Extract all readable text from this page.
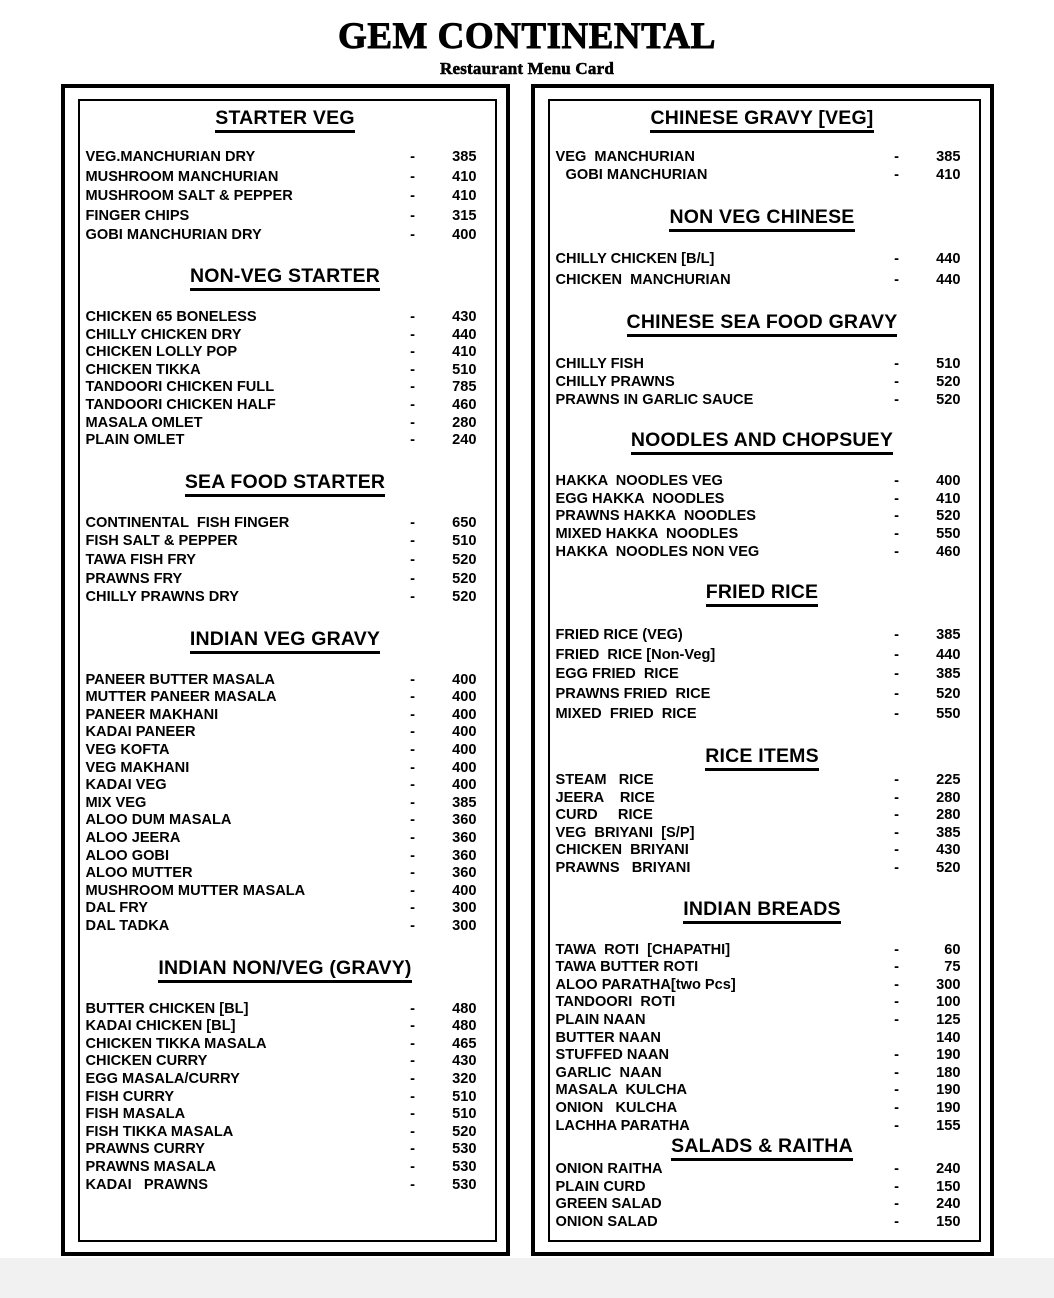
GEM CONTINENTAL
Restaurant Menu Card
STARTER VEG
VEG.MANCHURIAN DRY	-	385
MUSHROOM MANCHURIAN	-	410
MUSHROOM SALT & PEPPER	-	410
FINGER CHIPS	-	315
GOBI MANCHURIAN DRY	-	400
NON-VEG STARTER
CHICKEN 65 BONELESS	-	430
CHILLY CHICKEN DRY	-	440
CHICKEN LOLLY POP	-	410
CHICKEN TIKKA	-	510
TANDOORI CHICKEN FULL	-	785
TANDOORI CHICKEN HALF	-	460
MASALA OMLET	-	280
PLAIN OMLET	-	240
SEA FOOD STARTER
CONTINENTAL  FISH FINGER	-	650
FISH SALT & PEPPER	-	510
TAWA FISH FRY	-	520
PRAWNS FRY	-	520
CHILLY PRAWNS DRY	-	520
INDIAN VEG GRAVY
PANEER BUTTER MASALA	-	400
MUTTER PANEER MASALA	-	400
PANEER MAKHANI	-	400
KADAI PANEER	-	400
VEG KOFTA	-	400
VEG MAKHANI	-	400
KADAI VEG	-	400
MIX VEG	-	385
ALOO DUM MASALA	-	360
ALOO JEERA	-	360
ALOO GOBI	-	360
ALOO MUTTER	-	360
MUSHROOM MUTTER MASALA	-	400
DAL FRY	-	300
DAL TADKA	-	300
INDIAN NON/VEG (GRAVY)
BUTTER CHICKEN [BL]	-	480
KADAI CHICKEN [BL]	-	480
CHICKEN TIKKA MASALA	-	465
CHICKEN CURRY	-	430
EGG MASALA/CURRY	-	320
FISH CURRY	-	510
FISH MASALA	-	510
FISH TIKKA MASALA	-	520
PRAWNS CURRY	-	530
PRAWNS MASALA	-	530
KADAI   PRAWNS	-	530
CHINESE GRAVY [VEG]
VEG  MANCHURIAN	-	385
GOBI MANCHURIAN	-	410
NON VEG CHINESE
CHILLY CHICKEN [B/L]	-	440
CHICKEN  MANCHURIAN	-	440
CHINESE SEA FOOD GRAVY
CHILLY FISH	-	510
CHILLY PRAWNS	-	520
PRAWNS IN GARLIC SAUCE	-	520
NOODLES AND CHOPSUEY
HAKKA  NOODLES VEG	-	400
EGG HAKKA  NOODLES	-	410
PRAWNS HAKKA  NOODLES	-	520
MIXED HAKKA  NOODLES	-	550
HAKKA  NOODLES NON VEG	-	460
FRIED RICE
FRIED RICE (VEG)	-	385
FRIED  RICE [Non-Veg]	-	440
EGG FRIED  RICE	-	385
PRAWNS FRIED  RICE	-	520
MIXED  FRIED  RICE	-	550
RICE ITEMS
STEAM   RICE	-	225
JEERA    RICE	-	280
CURD     RICE	-	280
VEG  BRIYANI  [S/P]	-	385
CHICKEN  BRIYANI	-	430
PRAWNS   BRIYANI	-	520
INDIAN BREADS
TAWA  ROTI  [CHAPATHI]	-	60
TAWA BUTTER ROTI	-	75
ALOO PARATHA[two Pcs]	-	300
TANDOORI  ROTI	-	100
PLAIN NAAN	-	125
BUTTER NAAN	140
STUFFED NAAN	-	190
GARLIC  NAAN	-	180
MASALA  KULCHA	-	190
ONION   KULCHA	-	190
LACHHA PARATHA	-	155
SALADS & RAITHA
ONION RAITHA	-	240
PLAIN CURD	-	150
GREEN SALAD	-	240
ONION SALAD	-	150
